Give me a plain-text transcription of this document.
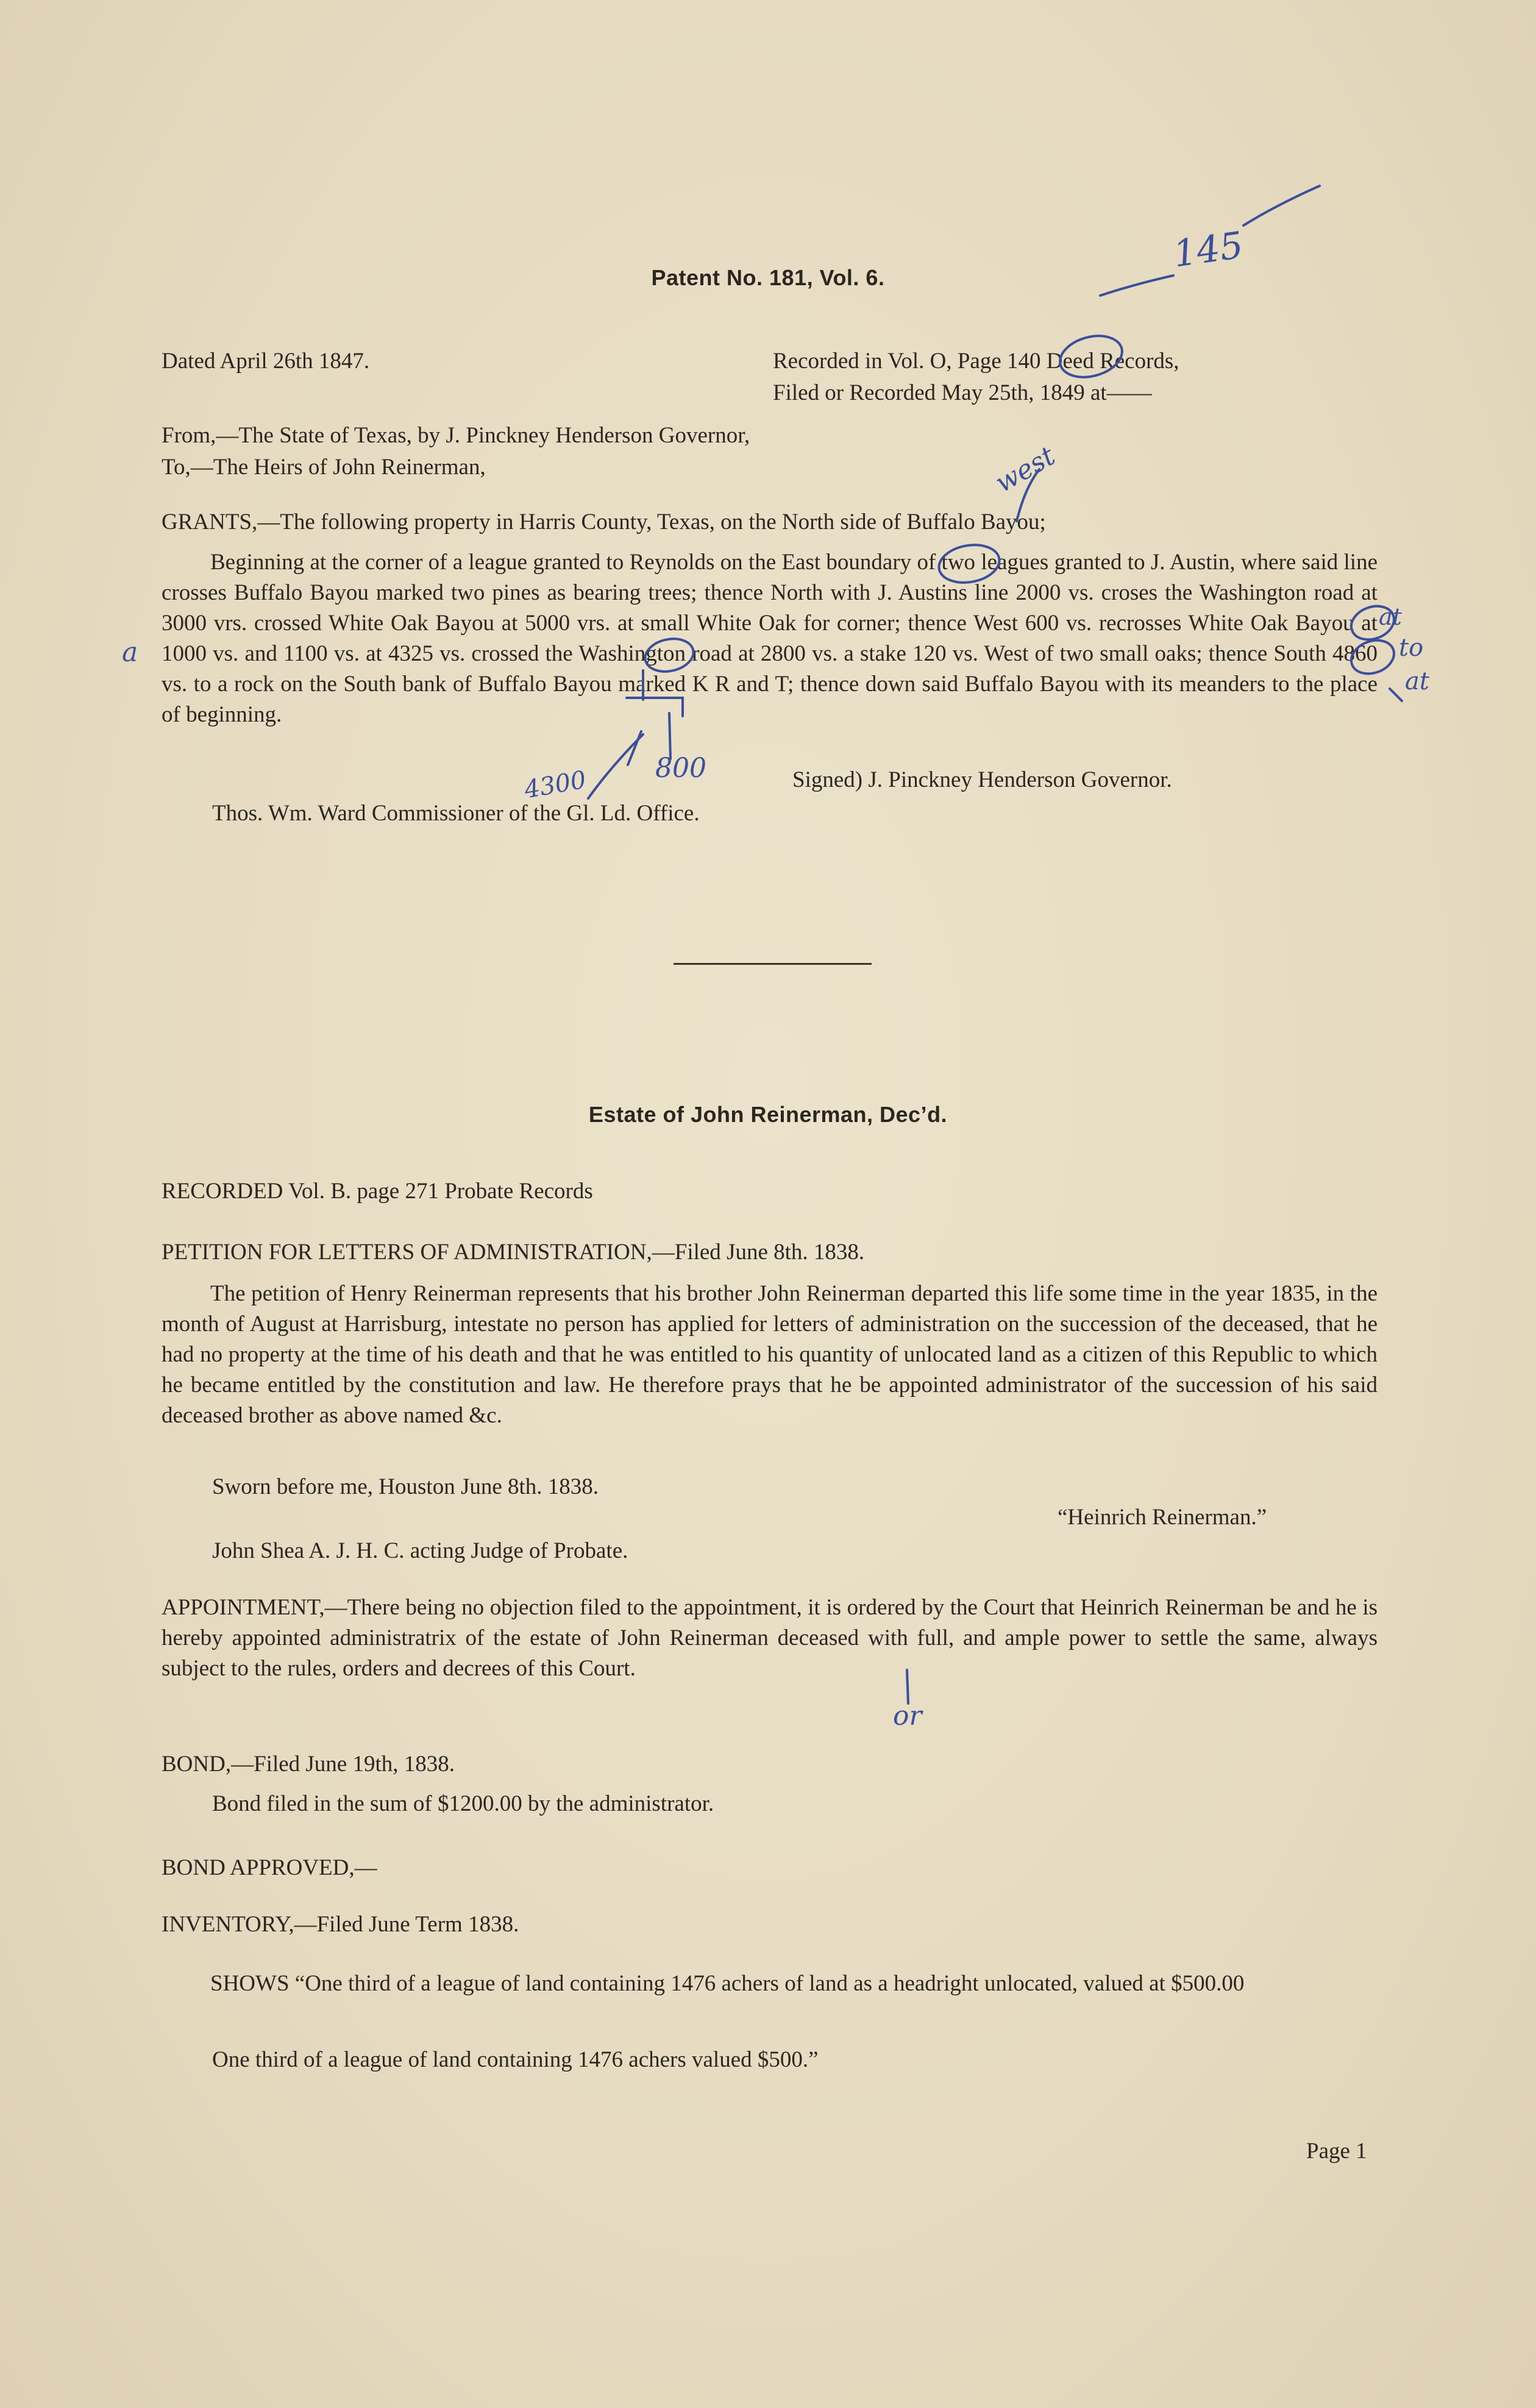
Patent No. 181, Vol. 6.
Dated April 26th 1847.	Recorded in Vol. O, Page 140 Deed Records,
Filed or Recorded May 25th, 1849 at——
From,—The State of Texas, by J. Pinckney Henderson Governor,
To,—The Heirs of John Reinerman,
GRANTS,—The following property in Harris County, Texas, on the North side of Buffalo Bayou;
Beginning at the corner of a league granted to Reynolds on the East boundary of two leagues granted to J. Austin, where said line crosses Buffalo Bayou marked two pines as bearing trees; thence North with J. Austins line 2000 vs. croses the Washington road at 3000 vrs. crossed White Oak Bayou at 5000 vrs. at small White Oak for corner; thence West 600 vs. recrosses White Oak Bayou at 1000 vs. and 1100 vs. at 4325 vs. crossed the Washington road at 2800 vs. a stake 120 vs. West of two small oaks; thence South 4860 vs. to a rock on the South bank of Buffalo Bayou marked K R and T; thence down said Buffalo Bayou with its meanders to the place of beginning.
Signed) J. Pinckney Henderson Governor.
Thos. Wm. Ward Commissioner of the Gl. Ld. Office.
Estate of John Reinerman, Dec’d.
RECORDED Vol. B. page 271 Probate Records
PETITION FOR LETTERS OF ADMINISTRATION,—Filed June 8th. 1838.
The petition of Henry Reinerman represents that his brother John Reinerman departed this life some time in the year 1835, in the month of August at Harrisburg, intestate no person has applied for letters of administration on the succession of the deceased, that he had no property at the time of his death and that he was entitled to his quantity of unlocated land as a citizen of this Republic to which he became entitled by the constitution and law. He therefore prays that he be appointed administrator of the succession of his said deceased brother as above named &c.
Sworn before me, Houston June 8th. 1838.
“Heinrich Reinerman.”
John Shea A. J. H. C. acting Judge of Probate.
APPOINTMENT,—There being no objection filed to the appointment, it is ordered by the Court that Heinrich Reinerman be and he is hereby appointed administratrix of the estate of John Reinerman deceased with full, and ample power to settle the same, always subject to the rules, orders and decrees of this Court.
BOND,—Filed June 19th, 1838.
Bond filed in the sum of $1200.00 by the administrator.
BOND APPROVED,—
INVENTORY,—Filed June Term 1838.
SHOWS “One third of a league of land containing 1476 achers of land as a headright unlocated, valued at $500.00
One third of a league of land containing 1476 achers valued $500.”
Page 1
145
west
at
to
at
a
4300 800
or
